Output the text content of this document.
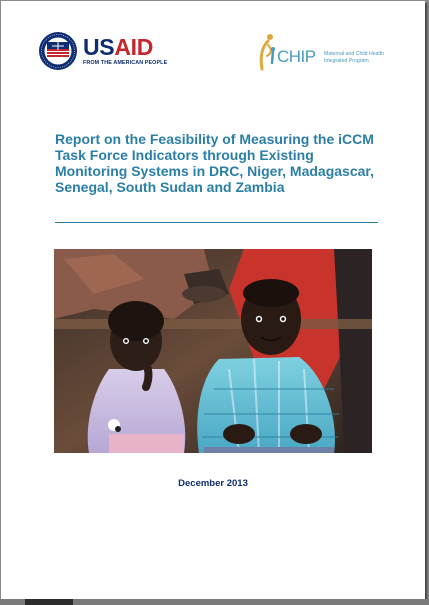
USAID
FROM THE AMERICAN PEOPLE	CHIP Maternal and Child Health Integrated Program
Report on the Feasibility of Measuring the iCCM Task Force Indicators through Existing Monitoring Systems in DRC, Niger, Madagascar, Senegal, South Sudan and Zambia
December 2013
